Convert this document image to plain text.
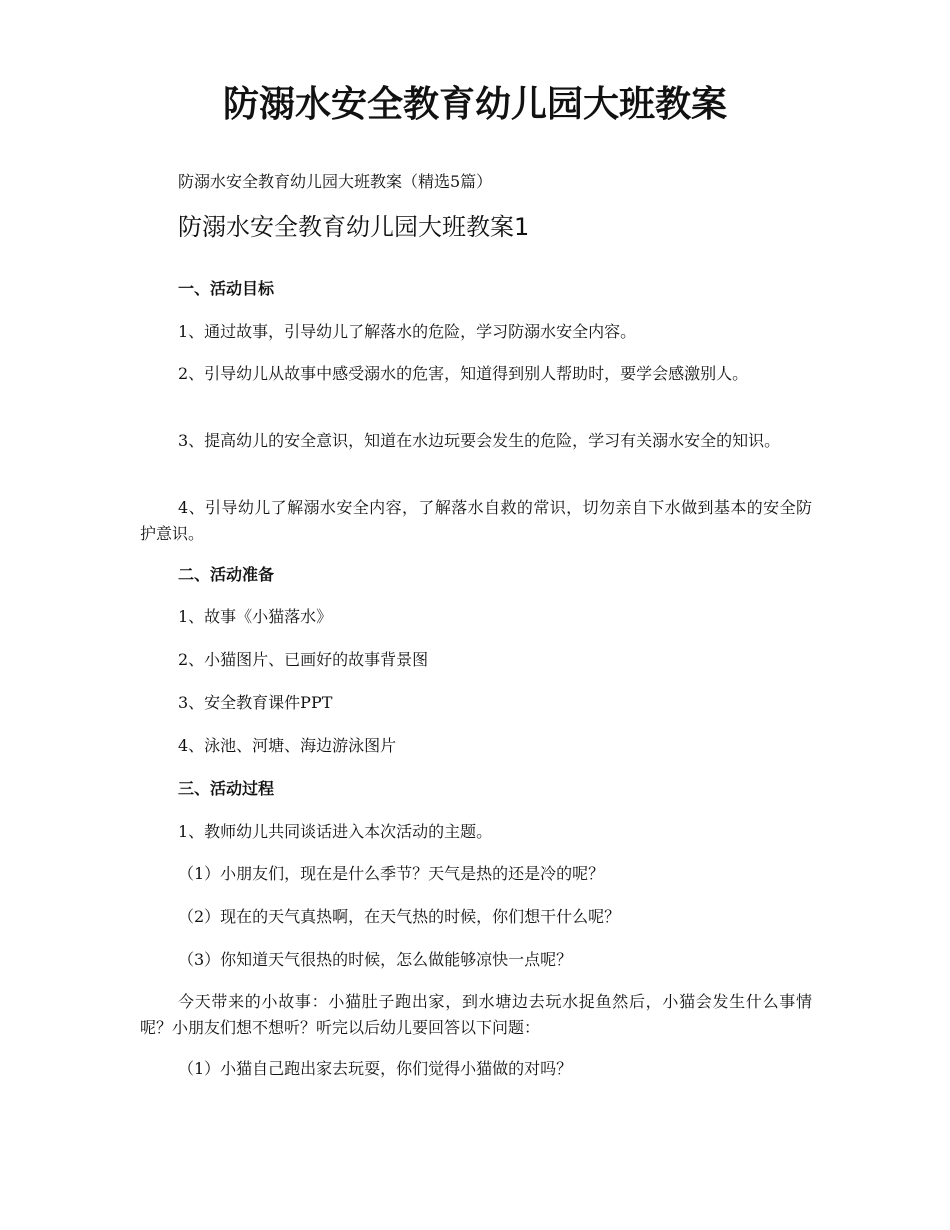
防溺水安全教育幼儿园大班教案

防溺水安全教育幼儿园大班教案（精选5篇）

防溺水安全教育幼儿园大班教案1

一、活动目标

1、通过故事，引导幼儿了解落水的危险，学习防溺水安全内容。

2、引导幼儿从故事中感受溺水的危害，知道得到别人帮助时，要学会感激别人。

3、提高幼儿的安全意识，知道在水边玩要会发生的危险，学习有关溺水安全的知识。

4、引导幼儿了解溺水安全内容，了解落水自救的常识，切勿亲自下水做到基本的安全防护意识。

二、活动准备

1、故事《小猫落水》

2、小猫图片、已画好的故事背景图

3、安全教育课件PPT

4、泳池、河塘、海边游泳图片

三、活动过程

1、教师幼儿共同谈话进入本次活动的主题。

（1）小朋友们，现在是什么季节？天气是热的还是冷的呢？

（2）现在的天气真热啊，在天气热的时候，你们想干什么呢？

（3）你知道天气很热的时候，怎么做能够凉快一点呢？

今天带来的小故事：小猫肚子跑出家，到水塘边去玩水捉鱼然后，小猫会发生什么事情呢？小朋友们想不想听？听完以后幼儿要回答以下问题：

（1）小猫自己跑出家去玩耍，你们觉得小猫做的对吗？
